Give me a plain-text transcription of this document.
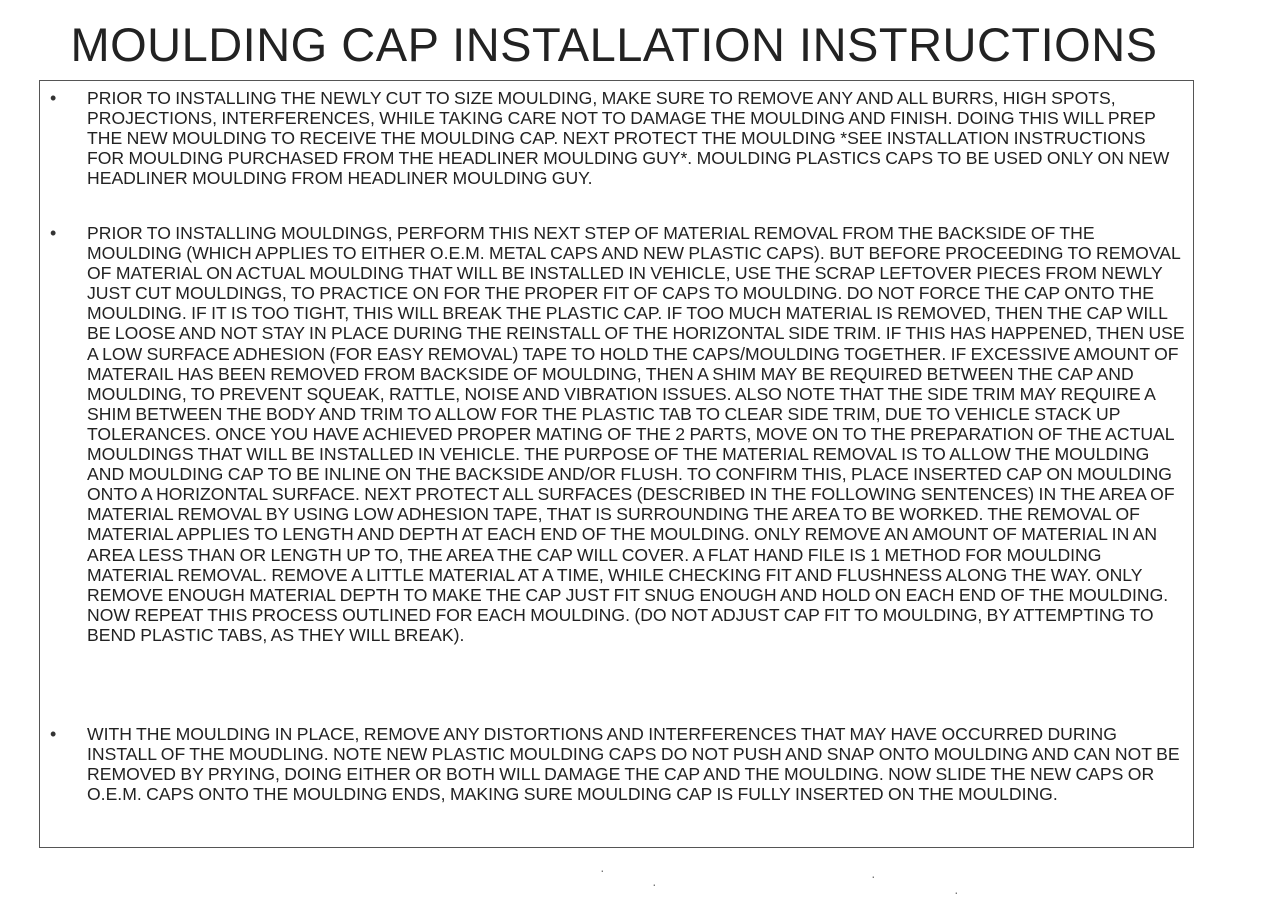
MOULDING CAP INSTALLATION INSTRUCTIONS
• PRIOR TO INSTALLING THE NEWLY CUT TO SIZE MOULDING, MAKE SURE TO REMOVE ANY AND ALL BURRS, HIGH SPOTS, PROJECTIONS, INTERFERENCES, WHILE TAKING CARE NOT TO DAMAGE THE MOULDING AND FINISH. DOING THIS WILL PREP THE NEW MOULDING TO RECEIVE THE MOULDING CAP. NEXT PROTECT THE MOULDING *SEE INSTALLATION INSTRUCTIONS FOR MOULDING PURCHASED FROM THE HEADLINER MOULDING GUY*. MOULDING PLASTICS CAPS TO BE USED ONLY ON NEW HEADLINER MOULDING FROM HEADLINER MOULDING GUY.

• PRIOR TO INSTALLING MOULDINGS, PERFORM THIS NEXT STEP OF MATERIAL REMOVAL FROM THE BACKSIDE OF THE MOULDING (WHICH APPLIES TO EITHER O.E.M. METAL CAPS AND NEW PLASTIC CAPS). BUT BEFORE PROCEEDING TO REMOVAL OF MATERIAL ON ACTUAL MOULDING THAT WILL BE INSTALLED IN VEHICLE, USE THE SCRAP LEFTOVER PIECES FROM NEWLY JUST CUT MOULDINGS, TO PRACTICE ON FOR THE PROPER FIT OF CAPS TO MOULDING. DO NOT FORCE THE CAP ONTO THE MOULDING. IF IT IS TOO TIGHT, THIS WILL BREAK THE PLASTIC CAP. IF TOO MUCH MATERIAL IS REMOVED, THEN THE CAP WILL BE LOOSE AND NOT STAY IN PLACE DURING THE REINSTALL OF THE HORIZONTAL SIDE TRIM. IF THIS HAS HAPPENED, THEN USE A LOW SURFACE ADHESION (FOR EASY REMOVAL) TAPE TO HOLD THE CAPS/MOULDING TOGETHER. IF EXCESSIVE AMOUNT OF MATERAIL HAS BEEN REMOVED FROM BACKSIDE OF MOULDING, THEN A SHIM MAY BE REQUIRED BETWEEN THE CAP AND MOULDING, TO PREVENT SQUEAK, RATTLE, NOISE AND VIBRATION ISSUES. ALSO NOTE THAT THE SIDE TRIM MAY REQUIRE A SHIM BETWEEN THE BODY AND TRIM TO ALLOW FOR THE PLASTIC TAB TO CLEAR SIDE TRIM, DUE TO VEHICLE STACK UP TOLERANCES. ONCE YOU HAVE ACHIEVED PROPER MATING OF THE 2 PARTS, MOVE ON TO THE PREPARATION OF THE ACTUAL MOULDINGS THAT WILL BE INSTALLED IN VEHICLE. THE PURPOSE OF THE MATERIAL REMOVAL IS TO ALLOW THE MOULDING AND MOULDING CAP TO BE INLINE ON THE BACKSIDE AND/OR FLUSH. TO CONFIRM THIS, PLACE INSERTED CAP ON MOULDING ONTO A HORIZONTAL SURFACE. NEXT PROTECT ALL SURFACES (DESCRIBED IN THE FOLLOWING SENTENCES) IN THE AREA OF MATERIAL REMOVAL BY USING LOW ADHESION TAPE, THAT IS SURROUNDING THE AREA TO BE WORKED. THE REMOVAL OF MATERIAL APPLIES TO LENGTH AND DEPTH AT EACH END OF THE MOULDING. ONLY REMOVE AN AMOUNT OF MATERIAL IN AN AREA LESS THAN OR LENGTH UP TO, THE AREA THE CAP WILL COVER. A FLAT HAND FILE IS 1 METHOD FOR MOULDING MATERIAL REMOVAL. REMOVE A LITTLE MATERIAL AT A TIME, WHILE CHECKING FIT AND FLUSHNESS ALONG THE WAY. ONLY REMOVE ENOUGH MATERIAL DEPTH TO MAKE THE CAP JUST FIT SNUG ENOUGH AND HOLD ON EACH END OF THE MOULDING. NOW REPEAT THIS PROCESS OUTLINED FOR EACH MOULDING. (DO NOT ADJUST CAP FIT TO MOULDING, BY ATTEMPTING TO BEND PLASTIC TABS, AS THEY WILL BREAK).

• WITH THE MOULDING IN PLACE, REMOVE ANY DISTORTIONS AND INTERFERENCES THAT MAY HAVE OCCURRED DURING INSTALL OF THE MOUDLING. NOTE NEW PLASTIC MOULDING CAPS DO NOT PUSH AND SNAP ONTO MOULDING AND CAN NOT BE REMOVED BY PRYING, DOING EITHER OR BOTH WILL DAMAGE THE CAP AND THE MOULDING. NOW SLIDE THE NEW CAPS OR O.E.M. CAPS ONTO THE MOULDING ENDS, MAKING SURE MOULDING CAP IS FULLY INSERTED ON THE MOULDING.

·
·	·
·
